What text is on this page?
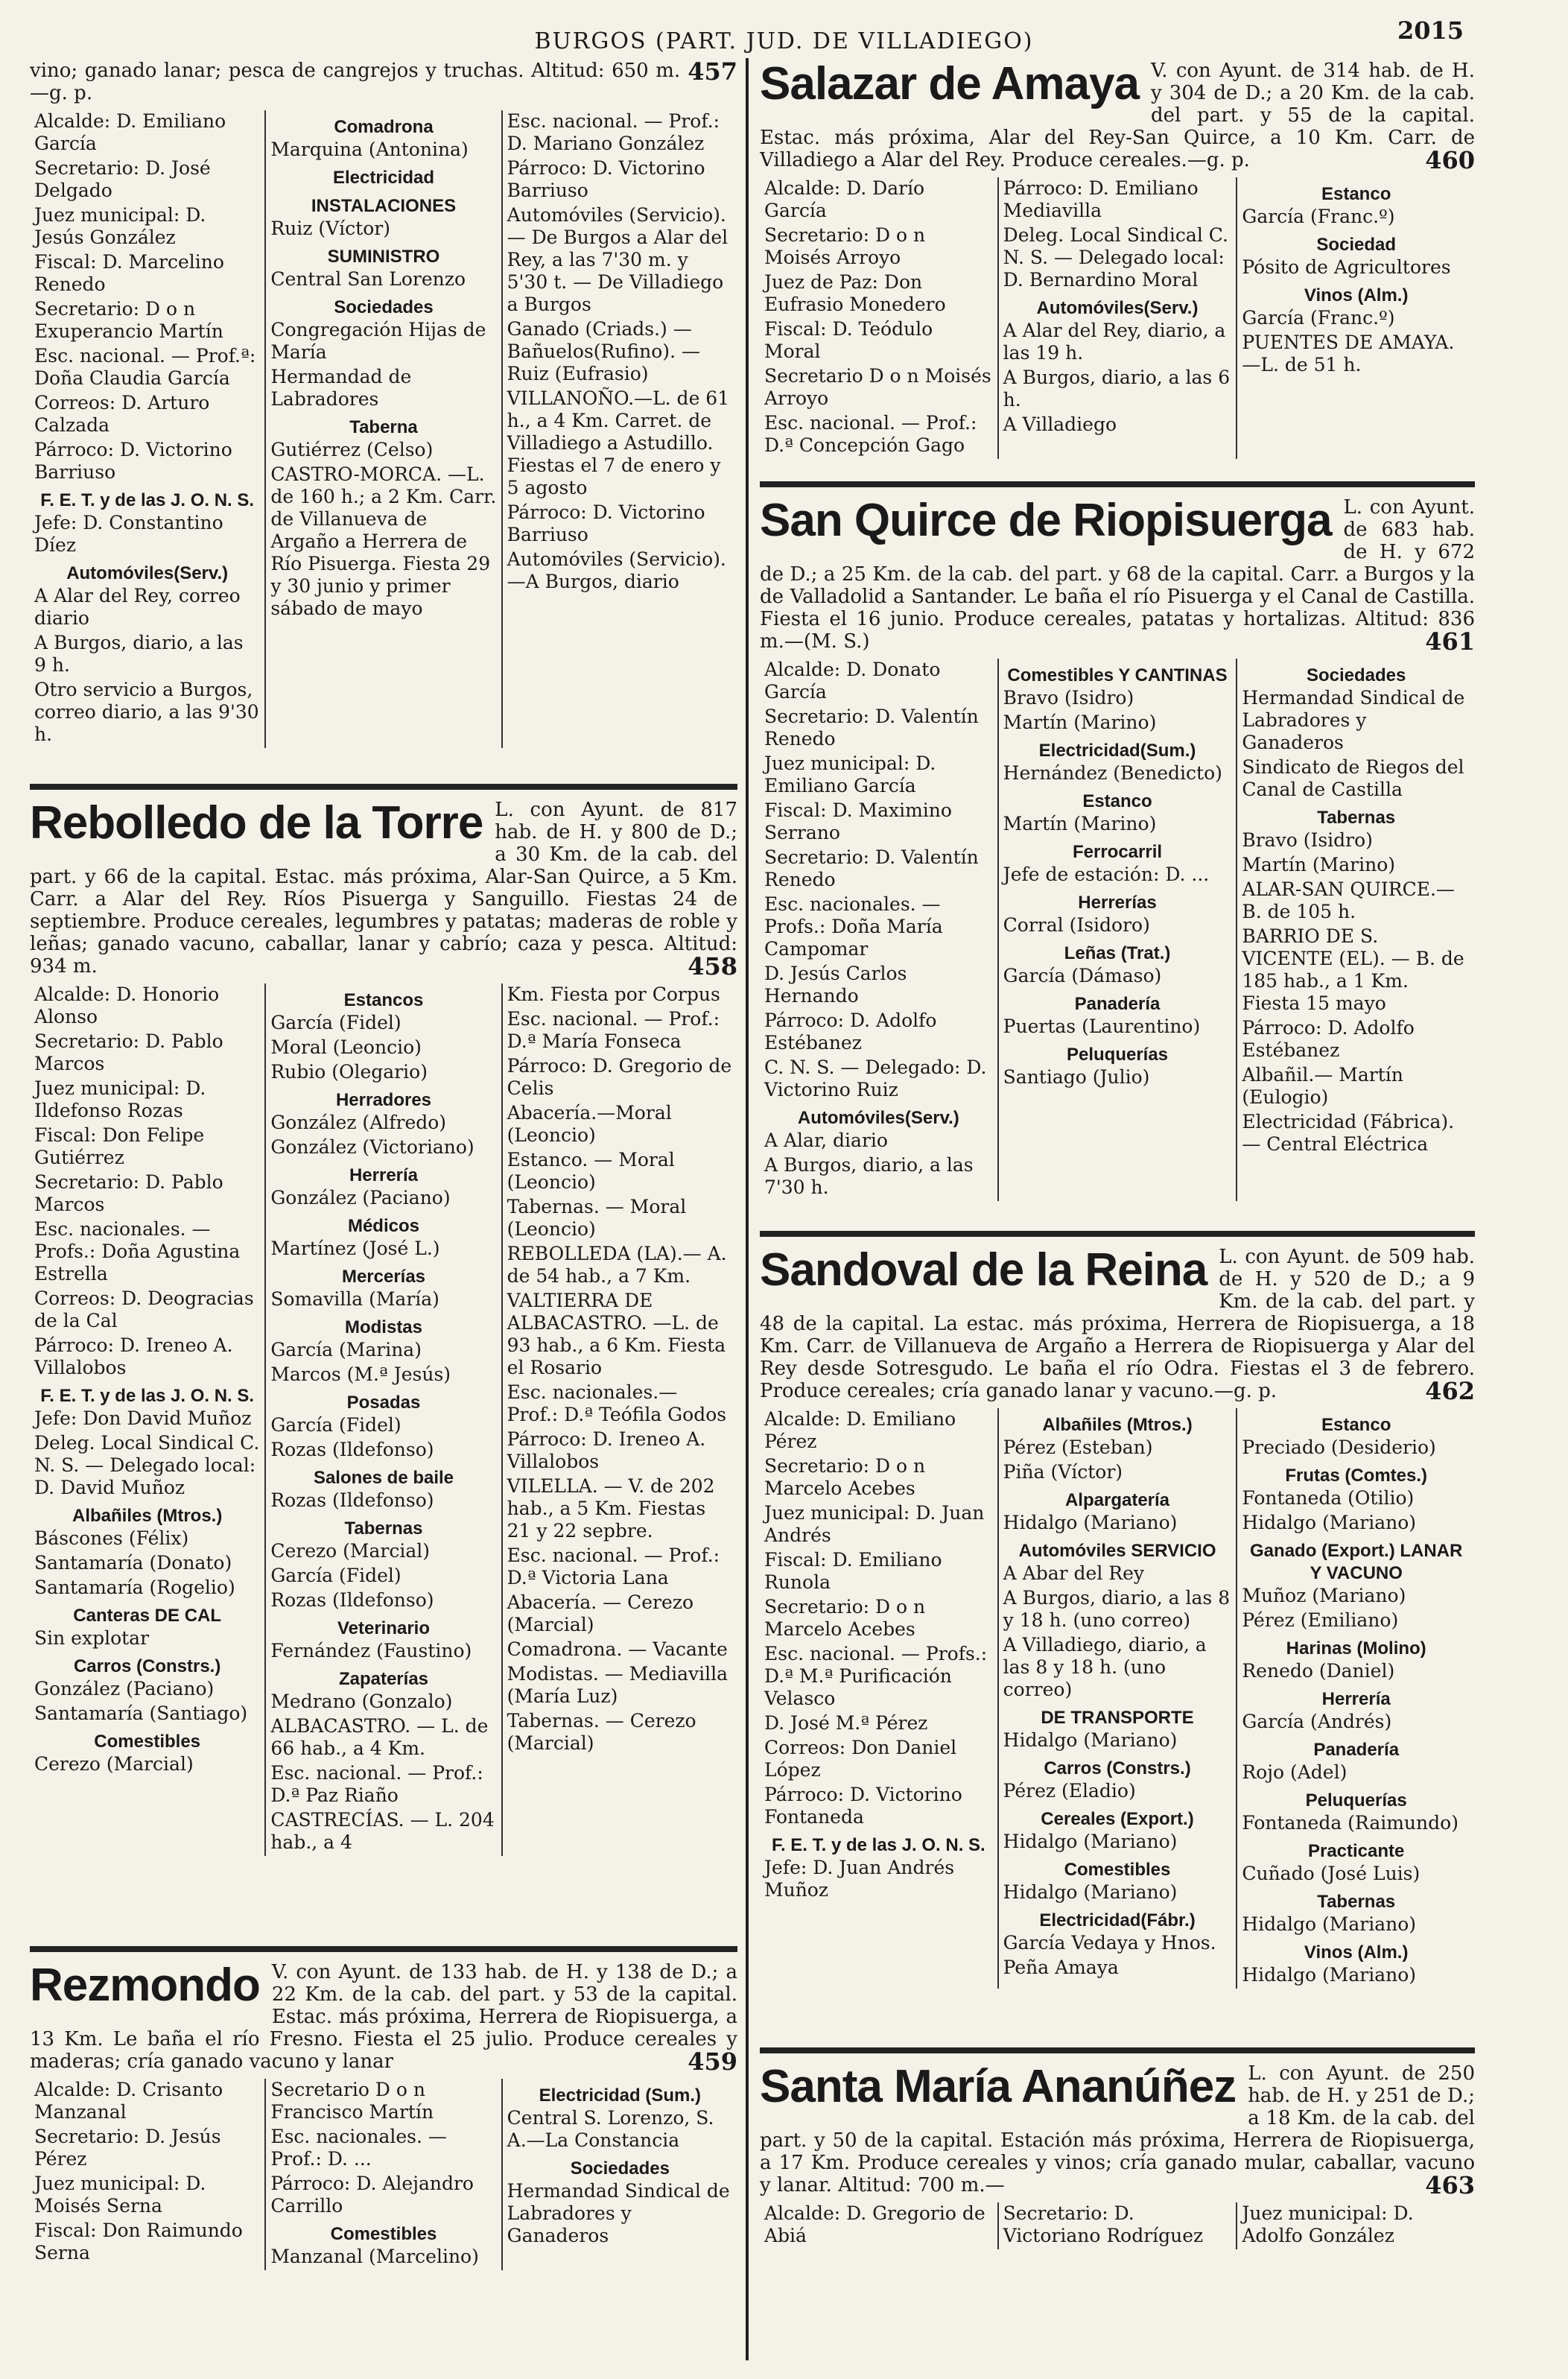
BURGOS (PART. JUD. DE VILLADIEGO)	2015
457
vino; ganado lanar; pesca de cangrejos y truchas. Altitud: 650 m.—g. p.
Alcalde: D. Emiliano García
Secretario: D. José Delgado
Juez municipal: D. Jesús González
Fiscal: D. Marcelino Renedo
Secretario: D o n Exuperancio Martín
Esc. nacional. — Prof.ª: Doña Claudia García
Correos: D. Arturo Calzada
Párroco: D. Victorino Barriuso
F. E. T. y de las J. O. N. S.
Jefe: D. Constantino Díez
Automóviles(Serv.)
A Alar del Rey, correo diario
A Burgos, diario, a las 9 h.
Otro servicio a Burgos, correo diario, a las 9'30 h.
Comadrona
Marquina (Antonina)
Electricidad
INSTALACIONES
Ruiz (Víctor)
SUMINISTRO
Central San Lorenzo
Sociedades
Congregación Hijas de María
Hermandad de Labradores
Taberna
Gutiérrez (Celso)
CASTRO-MORCA. —L. de 160 h.; a 2 Km. Carr. de Villanueva de Argaño a Herrera de Río Pisuerga. Fiesta 29 y 30 junio y primer sábado de mayo
Esc. nacional. — Prof.: D. Mariano González
Párroco: D. Victorino Barriuso
Automóviles (Servicio). — De Burgos a Alar del Rey, a las 7'30 m. y 5'30 t. — De Villadiego a Burgos
Ganado (Criads.) —Bañuelos(Rufino). — Ruiz (Eufrasio)
VILLANOÑO.—L. de 61 h., a 4 Km. Carret. de Villadiego a Astudillo. Fiestas el 7 de enero y 5 agosto
Párroco: D. Victorino Barriuso
Automóviles (Servicio).—A Burgos, diario
Rebolledo de la Torre L. con Ayunt. de 817 hab. de H. y 800 de D.; a 30 Km. de la cab. del part. y 66 de la capital. Estac. más próxima, Alar-San Quirce, a 5 Km. Carr. a Alar del Rey. Ríos Pisuerga y Sanguillo. Fiestas 24 de septiembre. Produce cereales, legumbres y patatas; maderas de roble y leñas; ganado vacuno, caballar, lanar y cabrío; caza y pesca. Altitud: 934 m.	458
Alcalde: D. Honorio Alonso
Secretario: D. Pablo Marcos
Juez municipal: D. Ildefonso Rozas
Fiscal: Don Felipe Gutiérrez
Secretario: D. Pablo Marcos
Esc. nacionales. — Profs.: Doña Agustina Estrella
Correos: D. Deogracias de la Cal
Párroco: D. Ireneo A. Villalobos
F. E. T. y de las J. O. N. S.
Jefe: Don David Muñoz
Deleg. Local Sindical C. N. S. — Delegado local: D. David Muñoz
Albañiles (Mtros.)
Báscones (Félix)
Santamaría (Donato)
Santamaría (Rogelio)
Canteras DE CAL
Sin explotar
Carros (Constrs.)
González (Paciano)
Santamaría (Santiago)
Comestibles
Cerezo (Marcial)
Estancos
García (Fidel)
Moral (Leoncio)
Rubio (Olegario)
Herradores
González (Alfredo)
González (Victoriano)
Herrería
González (Paciano)
Médicos
Martínez (José L.)
Mercerías
Somavilla (María)
Modistas
García (Marina)
Marcos (M.ª Jesús)
Posadas
García (Fidel)
Rozas (Ildefonso)
Salones de baile
Rozas (Ildefonso)
Tabernas
Cerezo (Marcial)
García (Fidel)
Rozas (Ildefonso)
Veterinario
Fernández (Faustino)
Zapaterías
Medrano (Gonzalo)
ALBACASTRO. — L. de 66 hab., a 4 Km.
Esc. nacional. — Prof.: D.ª Paz Riaño
CASTRECÍAS. — L. 204 hab., a 4
Km. Fiesta por Corpus
Esc. nacional. — Prof.: D.ª María Fonseca
Párroco: D. Gregorio de Celis
Abacería.—Moral (Leoncio)
Estanco. — Moral (Leoncio)
Tabernas. — Moral (Leoncio)
REBOLLEDA (LA).— A. de 54 hab., a 7 Km.
VALTIERRA DE ALBACASTRO. —L. de 93 hab., a 6 Km. Fiesta el Rosario
Esc. nacionales.— Prof.: D.ª Teófila Godos
Párroco: D. Ireneo A. Villalobos
VILELLA. — V. de 202 hab., a 5 Km. Fiestas 21 y 22 sepbre.
Esc. nacional. — Prof.: D.ª Victoria Lana
Abacería. — Cerezo (Marcial)
Comadrona. — Vacante
Modistas. — Mediavilla (María Luz)
Tabernas. — Cerezo (Marcial)
Rezmondo V. con Ayunt. de 133 hab. de H. y 138 de D.; a 22 Km. de la cab. del part. y 53 de la capital. Estac. más próxima, Herrera de Riopisuerga, a 13 Km. Le baña el río Fresno. Fiesta el 25 julio. Produce cereales y maderas; cría ganado vacuno y lanar	459
Alcalde: D. Crisanto Manzanal
Secretario: D. Jesús Pérez
Juez municipal: D. Moisés Serna
Fiscal: Don Raimundo Serna
Secretario D o n Francisco Martín
Esc. nacionales. — Prof.: D. ...
Párroco: D. Alejandro Carrillo
Comestibles
Manzanal (Marcelino)
Electricidad (Sum.)
Central S. Lorenzo, S. A.—La Constancia
Sociedades
Hermandad Sindical de Labradores y Ganaderos
Salazar de Amaya V. con Ayunt. de 314 hab. de H. y 304 de D.; a 20 Km. de la cab. del part. y 55 de la capital. Estac. más próxima, Alar del Rey-San Quirce, a 10 Km. Carr. de Villadiego a Alar del Rey. Produce cereales.—g. p.	460
Alcalde: D. Darío García
Secretario: D o n Moisés Arroyo
Juez de Paz: Don Eufrasio Monedero
Fiscal: D. Teódulo Moral
Secretario D o n Moisés Arroyo
Esc. nacional. — Prof.: D.ª Concepción Gago
Párroco: D. Emiliano Mediavilla
Deleg. Local Sindical C. N. S. — Delegado local: D. Bernardino Moral
Automóviles(Serv.)
A Alar del Rey, diario, a las 19 h.
A Burgos, diario, a las 6 h.
A Villadiego
Estanco
García (Franc.º)
Sociedad
Pósito de Agricultores
Vinos (Alm.)
García (Franc.º)
PUENTES DE AMAYA. —L. de 51 h.
San Quirce de Riopisuerga L. con Ayunt. de 683 hab. de H. y 672 de D.; a 25 Km. de la cab. del part. y 68 de la capital. Carr. a Burgos y la de Valladolid a Santander. Le baña el río Pisuerga y el Canal de Castilla. Fiesta el 16 junio. Produce cereales, patatas y hortalizas. Altitud: 836 m.—(M. S.)	461
Alcalde: D. Donato García
Secretario: D. Valentín Renedo
Juez municipal: D. Emiliano García
Fiscal: D. Maximino Serrano
Secretario: D. Valentín Renedo
Esc. nacionales. — Profs.: Doña María Campomar
D. Jesús Carlos Hernando
Párroco: D. Adolfo Estébanez
C. N. S. — Delegado: D. Victorino Ruiz
Automóviles(Serv.)
A Alar, diario
A Burgos, diario, a las 7'30 h.
Comestibles Y CANTINAS
Bravo (Isidro)
Martín (Marino)
Electricidad(Sum.)
Hernández (Benedicto)
Estanco
Martín (Marino)
Ferrocarril
Jefe de estación: D. ...
Herrerías
Corral (Isidoro)
Leñas (Trat.)
García (Dámaso)
Panadería
Puertas (Laurentino)
Peluquerías
Santiago (Julio)
Sociedades
Hermandad Sindical de Labradores y Ganaderos
Sindicato de Riegos del Canal de Castilla
Tabernas
Bravo (Isidro)
Martín (Marino)
ALAR-SAN QUIRCE.— B. de 105 h.
BARRIO DE S. VICENTE (EL). — B. de 185 hab., a 1 Km. Fiesta 15 mayo
Párroco: D. Adolfo Estébanez
Albañil.— Martín (Eulogio)
Electricidad (Fábrica). — Central Eléctrica
Sandoval de la Reina L. con Ayunt. de 509 hab. de H. y 520 de D.; a 9 Km. de la cab. del part. y 48 de la capital. La estac. más próxima, Herrera de Riopisuerga, a 18 Km. Carr. de Villanueva de Argaño a Herrera de Riopisuerga y Alar del Rey desde Sotresgudo. Le baña el río Odra. Fiestas el 3 de febrero. Produce cereales; cría ganado lanar y vacuno.—g. p.	462
Alcalde: D. Emiliano Pérez
Secretario: D o n Marcelo Acebes
Juez municipal: D. Juan Andrés
Fiscal: D. Emiliano Runola
Secretario: D o n Marcelo Acebes
Esc. nacional. — Profs.: D.ª M.ª Purificación Velasco
D. José M.ª Pérez
Correos: Don Daniel López
Párroco: D. Victorino Fontaneda
F. E. T. y de las J. O. N. S.
Jefe: D. Juan Andrés Muñoz
Albañiles (Mtros.)
Pérez (Esteban)
Piña (Víctor)
Alpargatería
Hidalgo (Mariano)
Automóviles SERVICIO
A Abar del Rey
A Burgos, diario, a las 8 y 18 h. (uno correo)
A Villadiego, diario, a las 8 y 18 h. (uno correo)
DE TRANSPORTE
Hidalgo (Mariano)
Carros (Constrs.)
Pérez (Eladio)
Cereales (Export.)
Hidalgo (Mariano)
Comestibles
Hidalgo (Mariano)
Electricidad(Fábr.)
García Vedaya y Hnos.
Peña Amaya
Estanco
Preciado (Desiderio)
Frutas (Comtes.)
Fontaneda (Otilio)
Hidalgo (Mariano)
Ganado (Export.) LANAR Y VACUNO
Muñoz (Mariano)
Pérez (Emiliano)
Harinas (Molino)
Renedo (Daniel)
Herrería
García (Andrés)
Panadería
Rojo (Adel)
Peluquerías
Fontaneda (Raimundo)
Practicante
Cuñado (José Luis)
Tabernas
Hidalgo (Mariano)
Vinos (Alm.)
Hidalgo (Mariano)
Santa María Ananúñez L. con Ayunt. de 250 hab. de H. y 251 de D.; a 18 Km. de la cab. del part. y 50 de la capital. Estación más próxima, Herrera de Riopisuerga, a 17 Km. Produce cereales y vinos; cría ganado mular, caballar, vacuno y lanar. Altitud: 700 m.—	463
Alcalde: D. Gregorio de Abiá
Secretario: D. Victoriano Rodríguez
Juez municipal: D. Adolfo González
